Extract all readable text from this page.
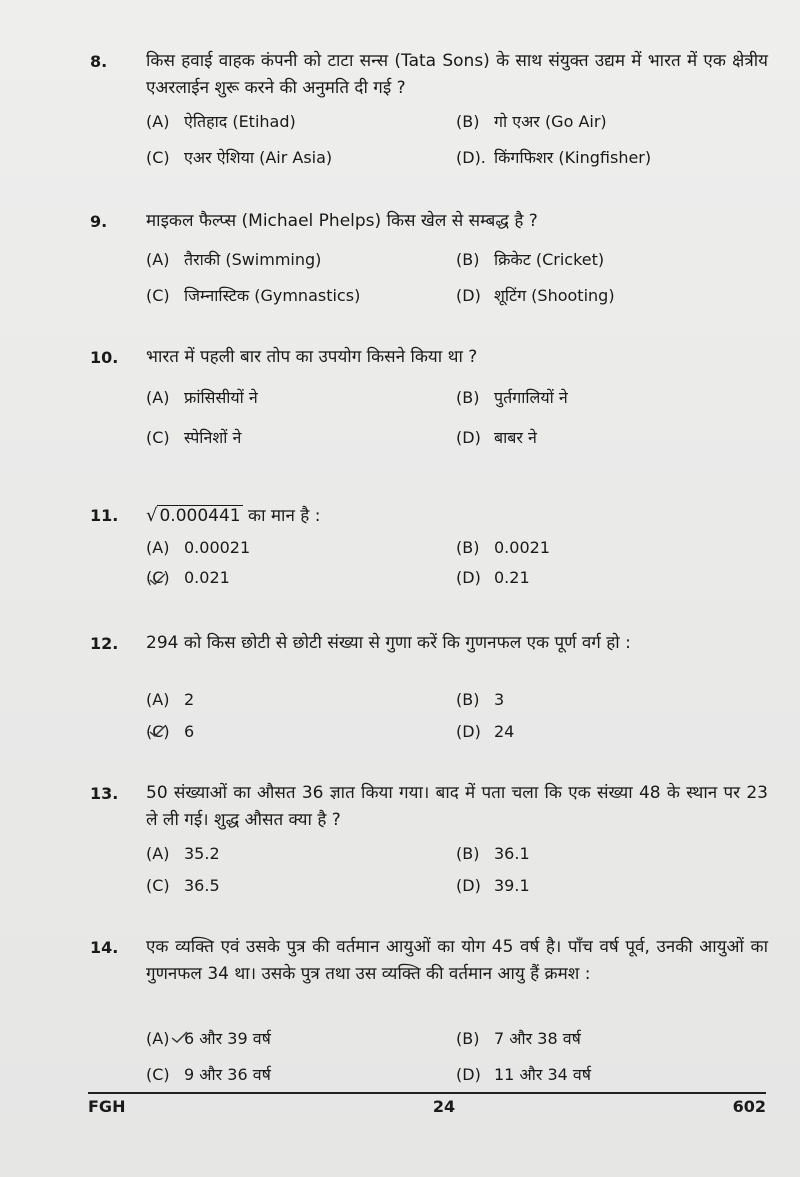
8. किस हवाई वाहक कंपनी को टाटा सन्स (Tata Sons) के साथ संयुक्त उद्यम में भारत में एक क्षेत्रीय एअरलाईन शुरू करने की अनुमति दी गई ?
(A) ऐतिहाद (Etihad)	(B) गो एअर (Go Air)
(C) एअर ऐशिया (Air Asia)	(D). किंगफिशर (Kingfisher)
9. माइकल फैल्प्स (Michael Phelps) किस खेल से सम्बद्ध है ?
(A) तैराकी (Swimming)	(B) क्रिकेट (Cricket)
(C) जिम्नास्टिक (Gymnastics)	(D) शूटिंग (Shooting)
10. भारत में पहली बार तोप का उपयोग किसने किया था ?
(A) फ्रांसिसीयों ने	(B) पुर्तगालियों ने
(C) स्पेनिशों ने	(D) बाबर ने
11. √ 0.000441 का मान है :
(A) 0.00021	(B) 0.0021
(C) 0.021	(D) 0.21
12. 294 को किस छोटी से छोटी संख्या से गुणा करें कि गुणनफल एक पूर्ण वर्ग हो :
(A) 2	(B) 3
(C) 6	(D) 24
13. 50 संख्याओं का औसत 36 ज्ञात किया गया। बाद में पता चला कि एक संख्या 48 के स्थान पर 23 ले ली गई। शुद्ध औसत क्या है ?
(A) 35.2	(B) 36.1
(C) 36.5	(D) 39.1
14. एक व्यक्ति एवं उसके पुत्र की वर्तमान आयुओं का योग 45 वर्ष है। पाँच वर्ष पूर्व, उनकी आयुओं का गुणनफल 34 था। उसके पुत्र तथा उस व्यक्ति की वर्तमान आयु हैं क्रमश :
(A) 6 और 39 वर्ष	(B) 7 और 38 वर्ष
(C) 9 और 36 वर्ष	(D) 11 और 34 वर्ष
FGH	24	602
